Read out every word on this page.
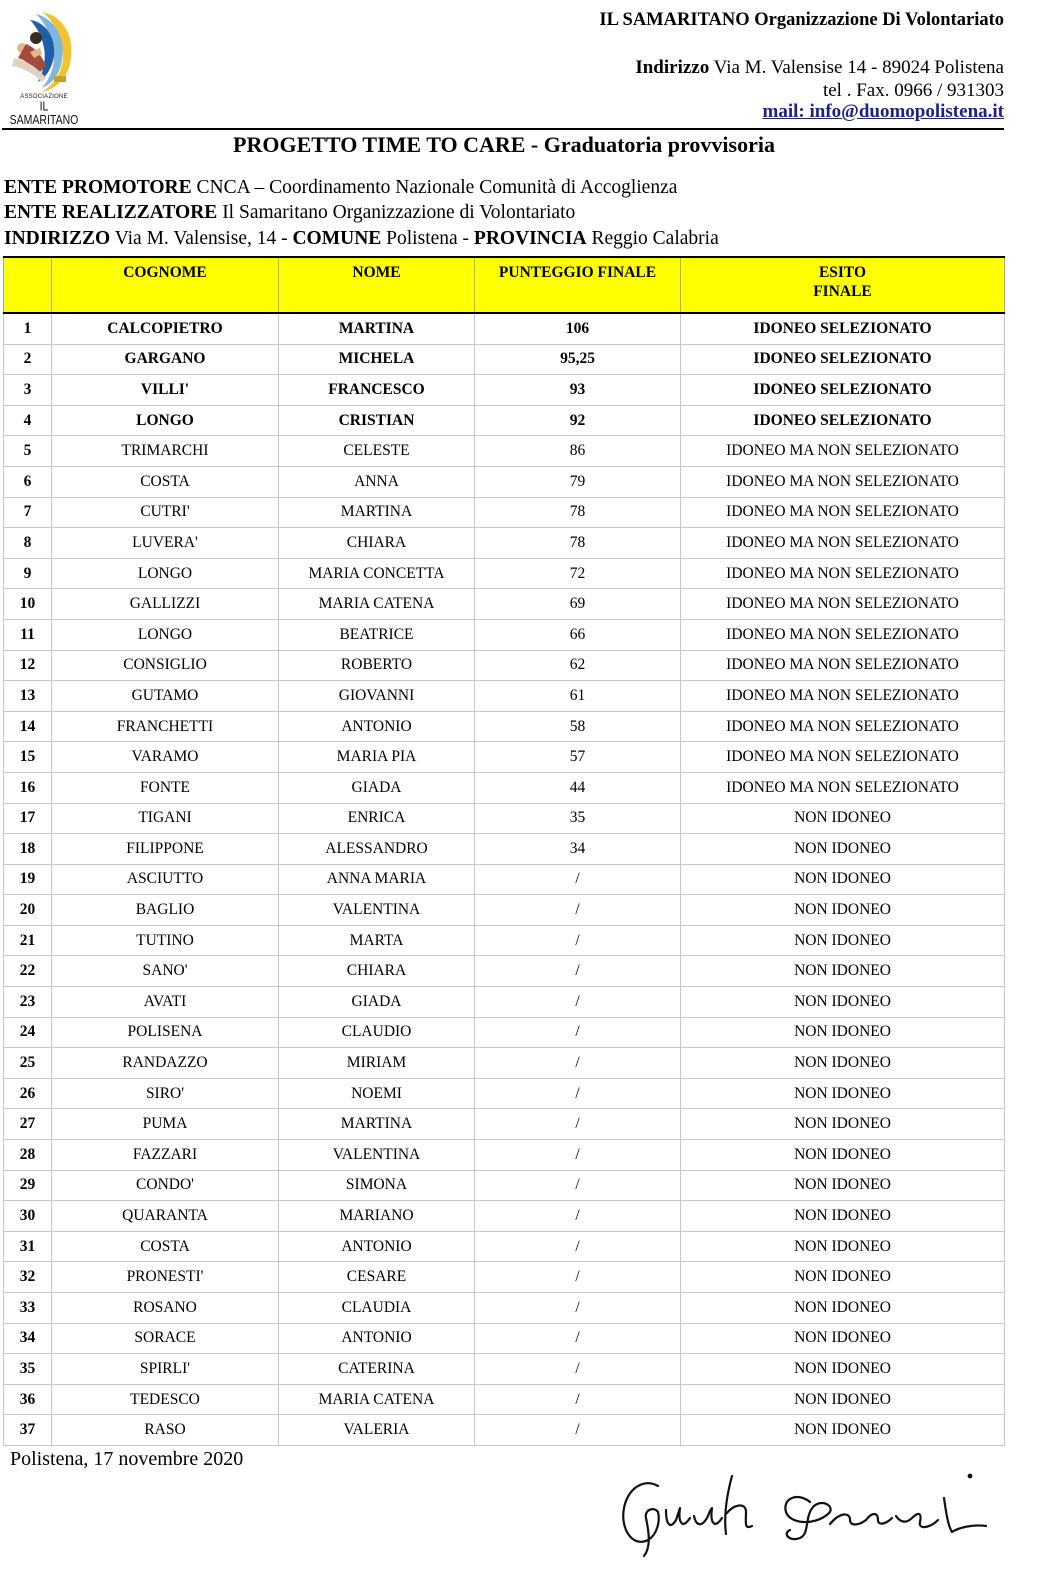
ASSOCIAZIONE
IL SAMARITANO
IL SAMARITANO Organizzazione Di Volontariato
Indirizzo Via M. Valensise 14 - 89024 Polistena
tel . Fax. 0966 / 931303
mail: info@duomopolistena.it
PROGETTO TIME TO CARE - Graduatoria provvisoria
ENTE PROMOTORE CNCA – Coordinamento Nazionale Comunità di Accoglienza
ENTE REALIZZATORE Il Samaritano Organizzazione di Volontariato
INDIRIZZO Via M. Valensise, 14 - COMUNE Polistena - PROVINCIA Reggio Calabria
	COGNOME	NOME	PUNTEGGIO FINALE	ESITO
FINALE

1	CALCOPIETRO	MARTINA	106	IDONEO SELEZIONATO
2	GARGANO	MICHELA	95,25	IDONEO SELEZIONATO
3	VILLI'	FRANCESCO	93	IDONEO SELEZIONATO
4	LONGO	CRISTIAN	92	IDONEO SELEZIONATO
5	TRIMARCHI	CELESTE	86	IDONEO MA NON SELEZIONATO
6	COSTA	ANNA	79	IDONEO MA NON SELEZIONATO
7	CUTRI'	MARTINA	78	IDONEO MA NON SELEZIONATO
8	LUVERA'	CHIARA	78	IDONEO MA NON SELEZIONATO
9	LONGO	MARIA CONCETTA	72	IDONEO MA NON SELEZIONATO
10	GALLIZZI	MARIA CATENA	69	IDONEO MA NON SELEZIONATO
11	LONGO	BEATRICE	66	IDONEO MA NON SELEZIONATO
12	CONSIGLIO	ROBERTO	62	IDONEO MA NON SELEZIONATO
13	GUTAMO	GIOVANNI	61	IDONEO MA NON SELEZIONATO
14	FRANCHETTI	ANTONIO	58	IDONEO MA NON SELEZIONATO
15	VARAMO	MARIA PIA	57	IDONEO MA NON SELEZIONATO
16	FONTE	GIADA	44	IDONEO MA NON SELEZIONATO
17	TIGANI	ENRICA	35	NON IDONEO
18	FILIPPONE	ALESSANDRO	34	NON IDONEO
19	ASCIUTTO	ANNA MARIA	/	NON IDONEO
20	BAGLIO	VALENTINA	/	NON IDONEO
21	TUTINO	MARTA	/	NON IDONEO
22	SANO'	CHIARA	/	NON IDONEO
23	AVATI	GIADA	/	NON IDONEO
24	POLISENA	CLAUDIO	/	NON IDONEO
25	RANDAZZO	MIRIAM	/	NON IDONEO
26	SIRO'	NOEMI	/	NON IDONEO
27	PUMA	MARTINA	/	NON IDONEO
28	FAZZARI	VALENTINA	/	NON IDONEO
29	CONDO'	SIMONA	/	NON IDONEO
30	QUARANTA	MARIANO	/	NON IDONEO
31	COSTA	ANTONIO	/	NON IDONEO
32	PRONESTI'	CESARE	/	NON IDONEO
33	ROSANO	CLAUDIA	/	NON IDONEO
34	SORACE	ANTONIO	/	NON IDONEO
35	SPIRLI'	CATERINA	/	NON IDONEO
36	TEDESCO	MARIA CATENA	/	NON IDONEO
37	RASO	VALERIA	/	NON IDONEO
Polistena, 17 novembre 2020
